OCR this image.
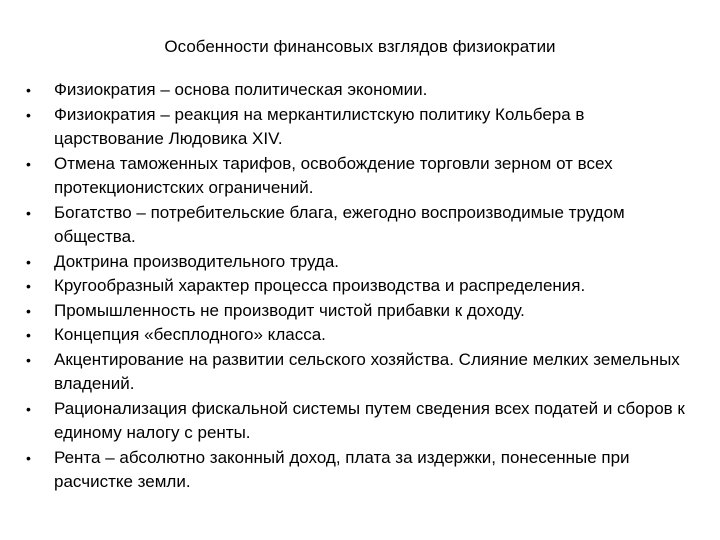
Особенности финансовых взглядов физиократии
• Физиократия – основа политическая экономии.
• Физиократия – реакция на меркантилистскую политику Кольбера в царствование Людовика XIV.
• Отмена таможенных тарифов, освобождение торговли зерном от всех протекционистских ограничений.
• Богатство – потребительские блага, ежегодно воспроизводимые трудом общества.
• Доктрина производительного труда.
• Кругообразный характер процесса производства и распределения.
• Промышленность не производит чистой прибавки к доходу.
• Концепция «бесплодного» класса.
• Акцентирование на развитии сельского хозяйства. Слияние мелких земельных владений.
• Рационализация фискальной системы путем сведения всех податей и сборов к единому налогу с ренты.
• Рента – абсолютно законный доход, плата за издержки, понесенные при расчистке земли.
